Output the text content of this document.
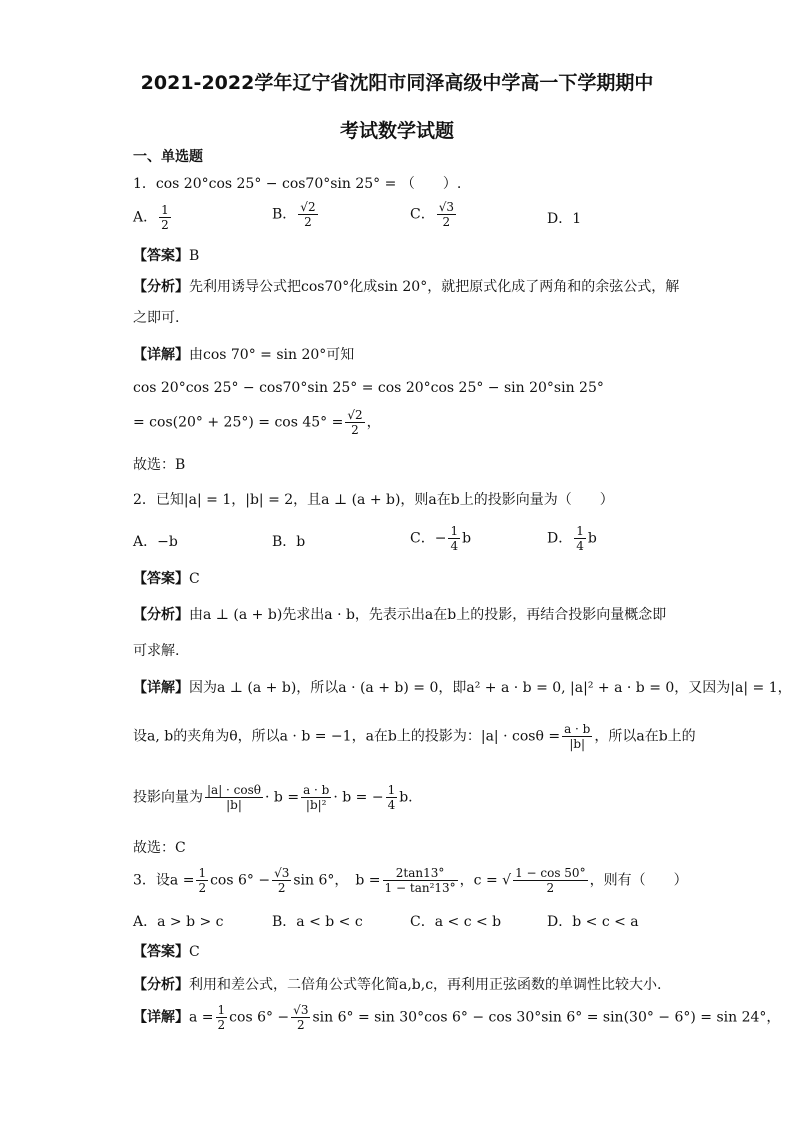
2021-2022学年辽宁省沈阳市同泽高级中学高一下学期期中
考试数学试题
一、单选题
1．cos 20°cos 25° − cos70°sin 25° = （　　）.
A． $\frac{1}{2}$	B． $\frac{√2}{2}$	C． $\frac{√3}{2}$	D．1
【答案】B
【分析】先利用诱导公式把cos70°化成sin 20°，就把原式化成了两角和的余弦公式，解
之即可.
【详解】由cos 70° = sin 20°可知
cos 20°cos 25° − cos70°sin 25° = cos 20°cos 25° − sin 20°sin 25°
= $\cos(20^\circ + 25^\circ) = \cos 45^\circ = \frac{√2}{2}$ ，
故选：B
2．已知|a| = 1，|b| = 2，且a ⊥ (a + b)，则a在b上的投影向量为（　　）
A．−b	B．b	C．− $\frac{1}{4}$ b	D． $\frac{1}{4}$ b
【答案】C
【分析】由a ⊥ (a + b)先求出a · b，先表示出a在b上的投影，再结合投影向量概念即
可求解.
【详解】因为a ⊥ (a + b)，所以a · (a + b) = 0，即a² + a · b = 0, |a|² + a · b = 0，又因为|a| = 1，
设a, b的夹角为θ，所以a · b = −1，a在b上的投影为：$|a| \cdot \cos\theta = \frac{a \cdot b}{|b|}$ ，所以a在b上的
投影向量为 $\frac{|a| \cdot \cos\theta}{|b|} \cdot b = \frac{a \cdot b}{\text{|b|²}} \cdot b$ = − $\frac{1}{4} b$.
故选：C
3．设$a = \frac{1}{2}$ $\cos 6^\circ - \frac{√3}{2}$ sin 6°，　$b = \frac{2\tan 13^\circ}{\text{1 − tan²13°}}$ ，c = √ $\frac{1 - \cos 50^\circ}{2}$ ，则有（　　）
A．a > b > c	B．a < b < c	C．a < c < b	D．b < c < a
【答案】C
【分析】利用和差公式，二倍角公式等化简a,b,c，再利用正弦函数的单调性比较大小.
【详解】$a = \frac{1}{2}$ $\cos 6^\circ - \frac{√3}{2}$ sin 6° = sin 30°cos 6° − cos 30°sin 6° = sin(30° − 6°) = sin 24°，
